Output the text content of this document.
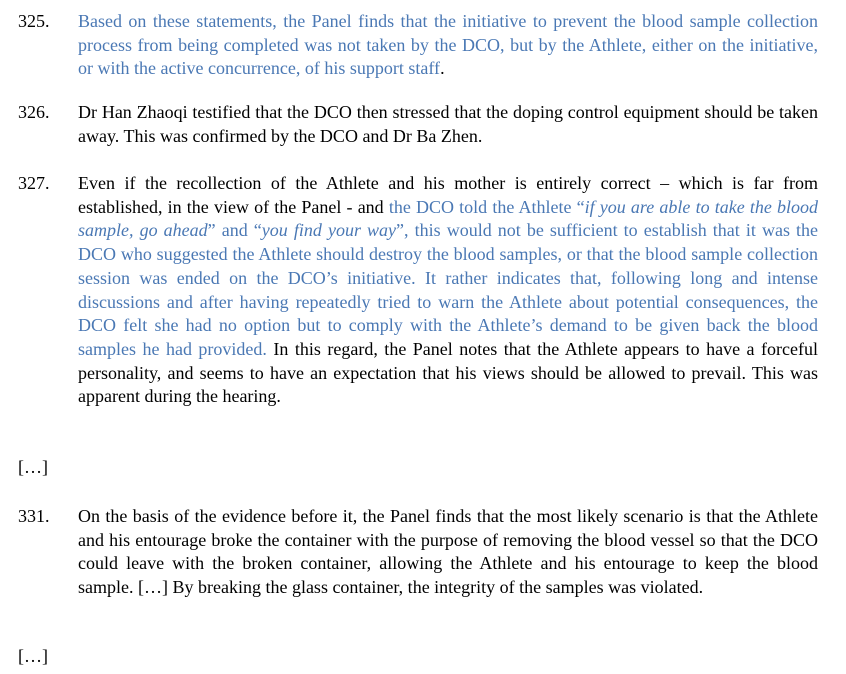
325. Based on these statements, the Panel finds that the initiative to prevent the blood sample collection process from being completed was not taken by the DCO, but by the Athlete, either on the initiative, or with the active concurrence, of his support staff.
326. Dr Han Zhaoqi testified that the DCO then stressed that the doping control equipment should be taken away. This was confirmed by the DCO and Dr Ba Zhen.
327. Even if the recollection of the Athlete and his mother is entirely correct – which is far from established, in the view of the Panel - and the DCO told the Athlete “if you are able to take the blood sample, go ahead” and “you find your way”, this would not be sufficient to establish that it was the DCO who suggested the Athlete should destroy the blood samples, or that the blood sample collection session was ended on the DCO’s initiative. It rather indicates that, following long and intense discussions and after having repeatedly tried to warn the Athlete about potential consequences, the DCO felt she had no option but to comply with the Athlete’s demand to be given back the blood samples he had provided. In this regard, the Panel notes that the Athlete appears to have a forceful personality, and seems to have an expectation that his views should be allowed to prevail. This was apparent during the hearing.
[…]
331. On the basis of the evidence before it, the Panel finds that the most likely scenario is that the Athlete and his entourage broke the container with the purpose of removing the blood vessel so that the DCO could leave with the broken container, allowing the Athlete and his entourage to keep the blood sample. […] By breaking the glass container, the integrity of the samples was violated.
[…]
